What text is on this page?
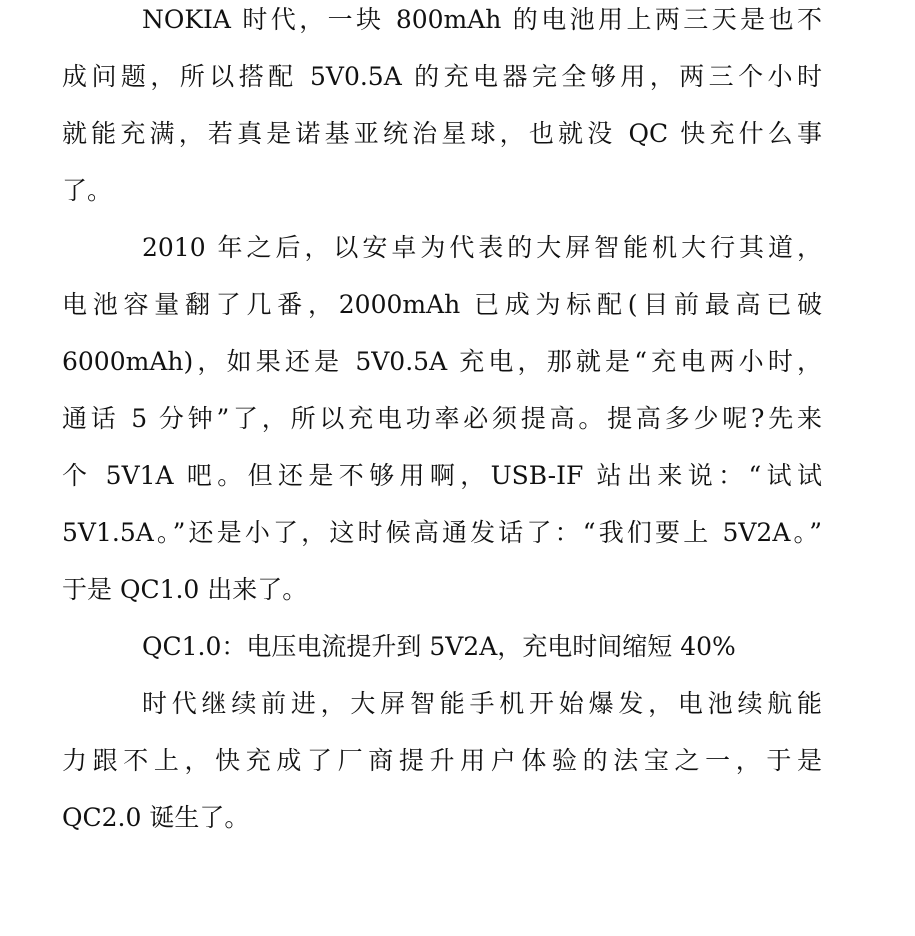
NOKIA 时代，一块 800mAh 的电池用上两三天是也不
成问题，所以搭配 5V0.5A 的充电器完全够用，两三个小时
就能充满，若真是诺基亚统治星球，也就没 QC 快充什么事
了。
2010 年之后，以安卓为代表的大屏智能机大行其道，
电池容量翻了几番，2000mAh 已成为标配(目前最高已破
6000mAh)，如果还是 5V0.5A 充电，那就是“充电两小时，
通话 5 分钟”了，所以充电功率必须提高。提高多少呢?先来
个 5V1A 吧。但还是不够用啊，USB-IF 站出来说：“试试
5V1.5A。”还是小了，这时候高通发话了：“我们要上 5V2A。”
于是 QC1.0 出来了。
QC1.0：电压电流提升到 5V2A，充电时间缩短 40%
时代继续前进，大屏智能手机开始爆发，电池续航能
力跟不上，快充成了厂商提升用户体验的法宝之一，于是
QC2.0 诞生了。
